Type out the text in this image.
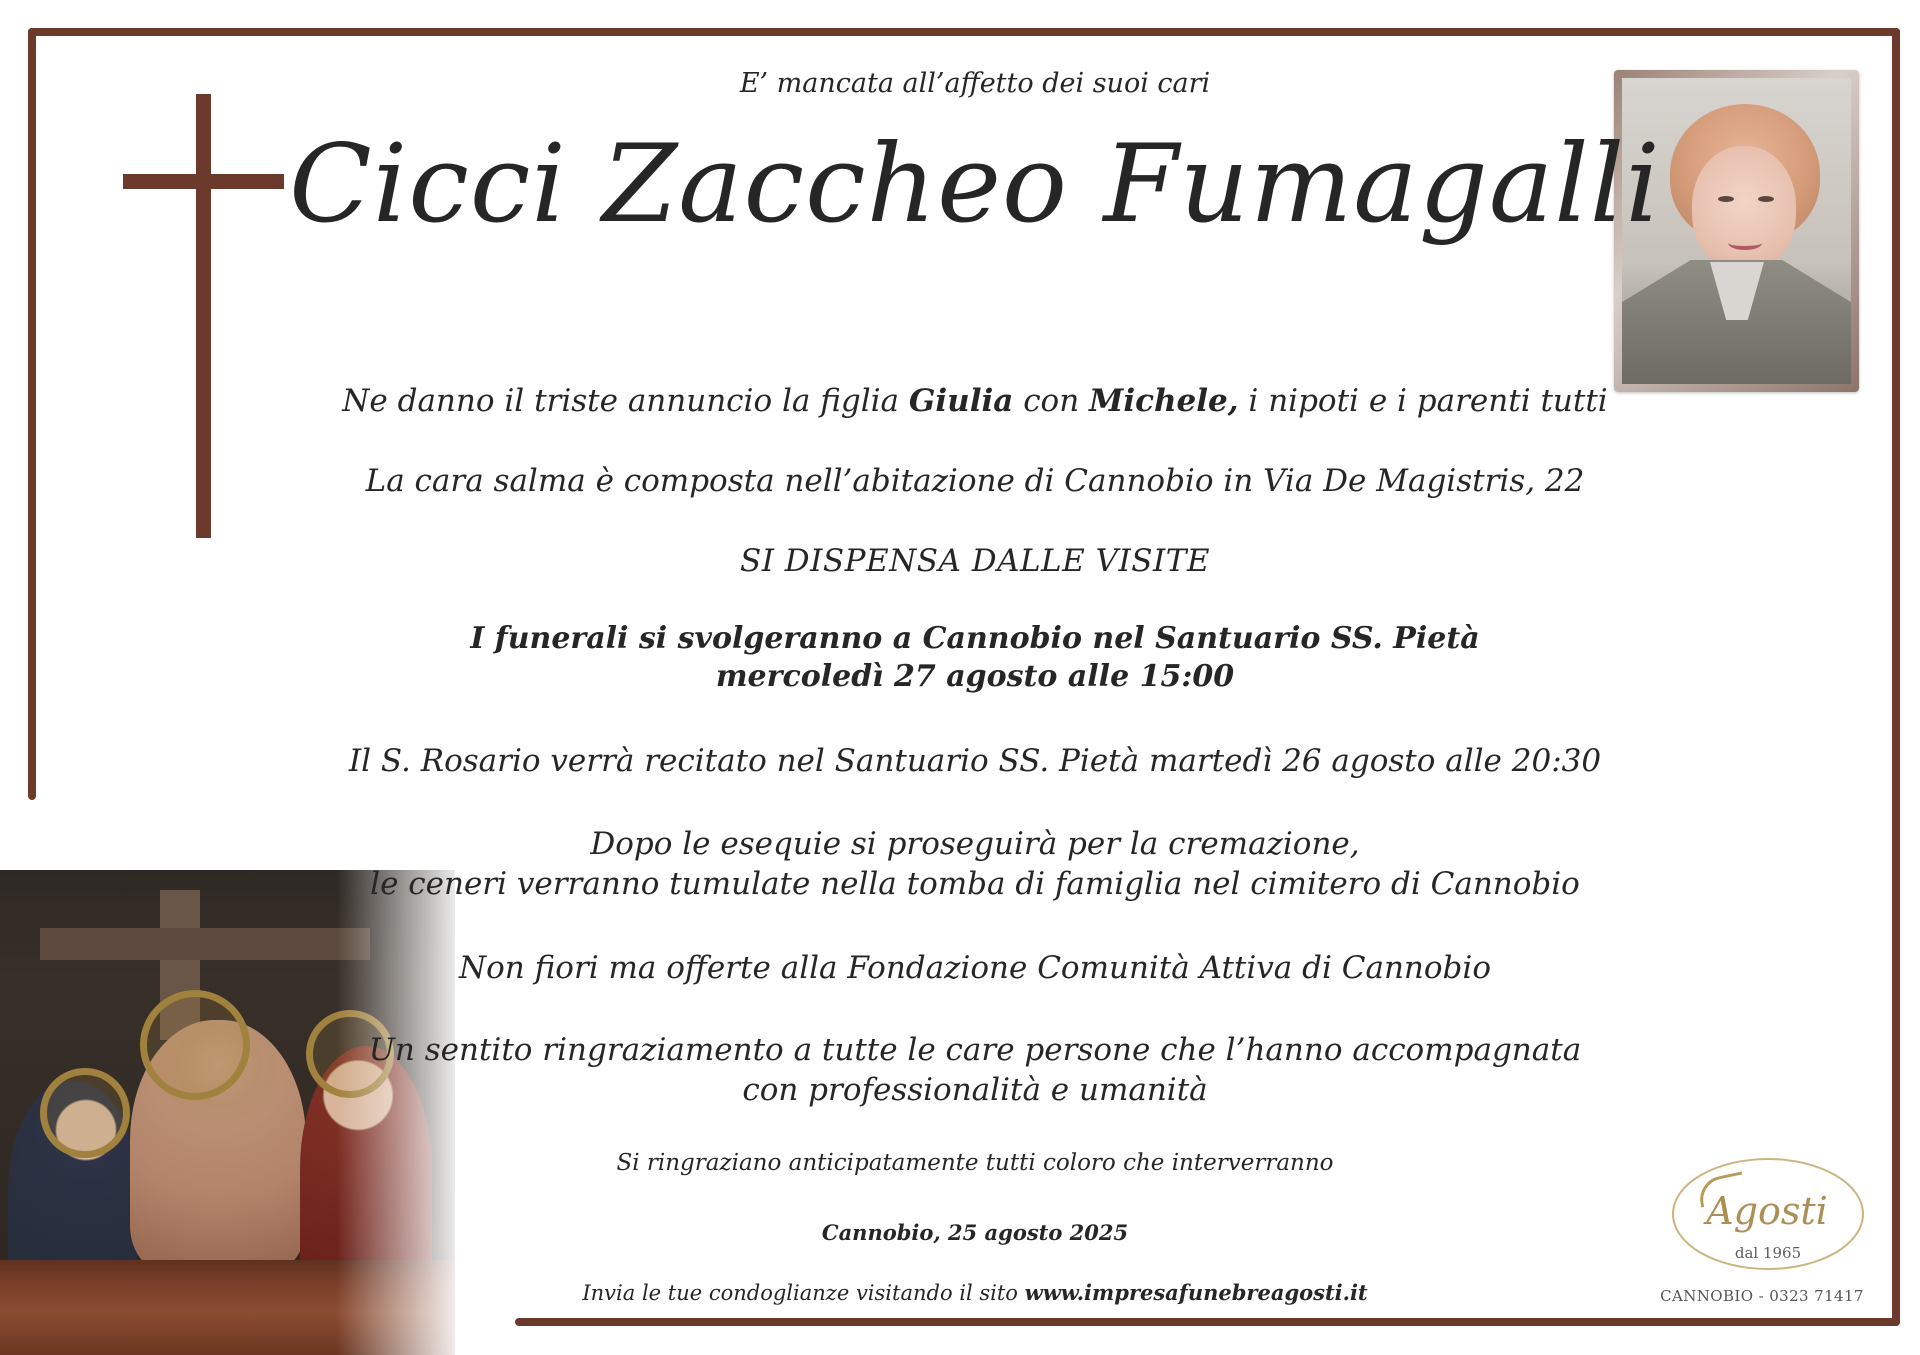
E’ mancata all’affetto dei suoi cari

Cicci Zaccheo Fumagalli

Ne danno il triste annuncio la figlia Giulia con Michele, i nipoti e i parenti tutti

La cara salma è composta nell’abitazione di Cannobio in Via De Magistris, 22

SI DISPENSA DALLE VISITE

I funerali si svolgeranno a Cannobio nel Santuario SS. Pietà
mercoledì 27 agosto alle 15:00

Il S. Rosario verrà recitato nel Santuario SS. Pietà martedì 26 agosto alle 20:30

Dopo le esequie si proseguirà per la cremazione,
le ceneri verranno tumulate nella tomba di famiglia nel cimitero di Cannobio

Non fiori ma offerte alla Fondazione Comunità Attiva di Cannobio

Un sentito ringraziamento a tutte le care persone che l’hanno accompagnata
con professionalità e umanità

Si ringraziano anticipatamente tutti coloro che interverranno

Cannobio, 25 agosto 2025

Invia le tue condoglianze visitando il sito www.impresafunebreagosti.it

Agosti
dal 1965
CANNOBIO - 0323 71417
